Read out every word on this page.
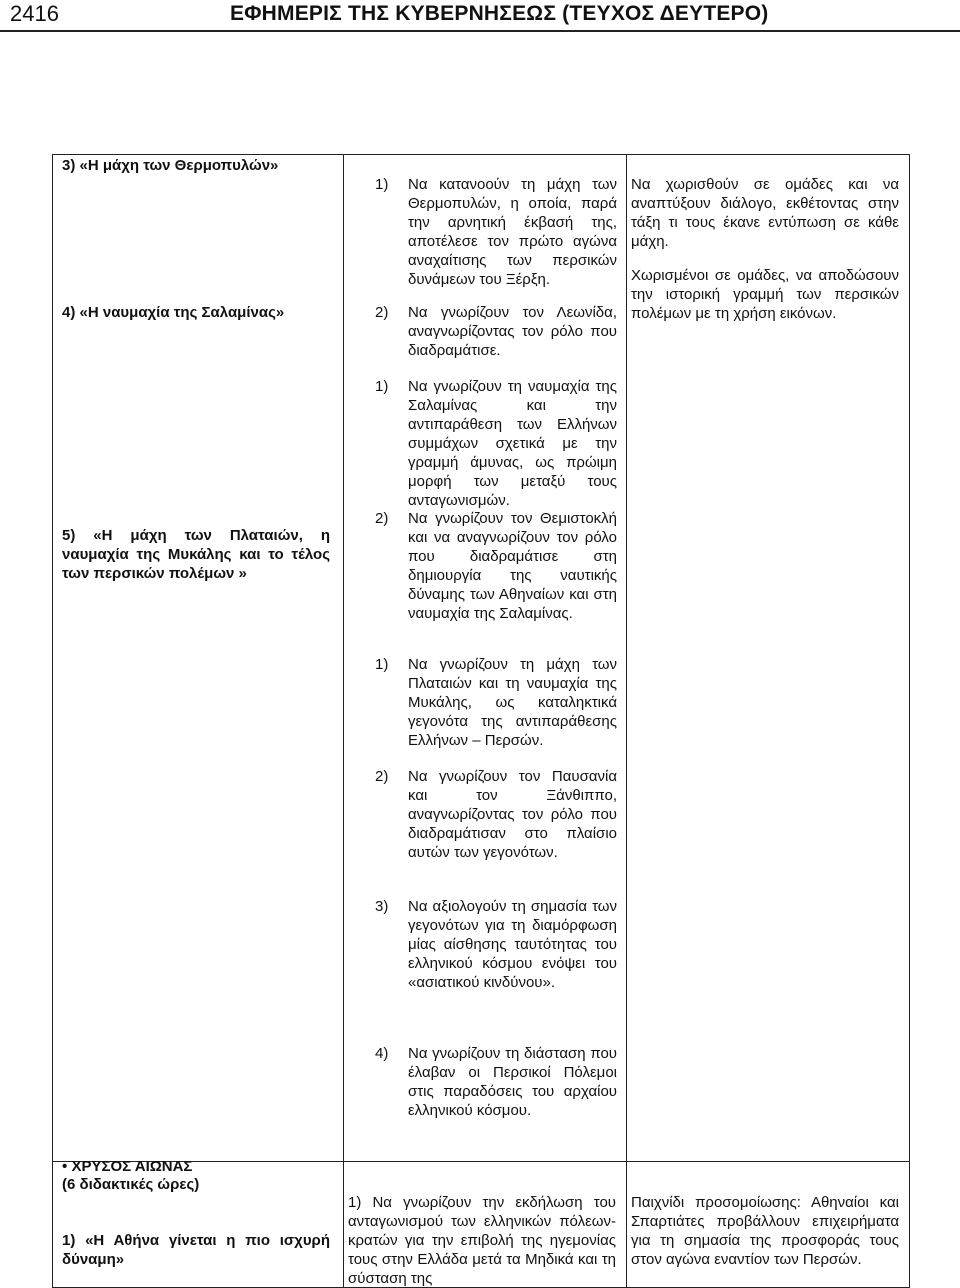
2416	ΕΦΗΜΕΡΙΣ ΤΗΣ ΚΥΒΕΡΝΗΣΕΩΣ (ΤΕΥΧΟΣ ΔΕΥΤΕΡΟ)
3) «Η μάχη των Θερμοπυλών»
4) «Η ναυμαχία της Σαλαμίνας»
5) «Η μάχη των Πλαταιών, η ναυμαχία της Μυκάλης και το τέλος των περσικών πολέμων »
• ΧΡΥΣΟΣ ΑΙΩΝΑΣ
(6 διδακτικές ώρες)
1) «Η Αθήνα γίνεται η πιο ισχυρή δύναμη»
1) Να κατανοούν τη μάχη των Θερμοπυλών, η οποία, παρά την αρνητική έκβασή της, αποτέλεσε τον πρώτο αγώνα αναχαίτισης των περσικών δυνάμεων του Ξέρξη.
2) Να γνωρίζουν τον Λεωνίδα, αναγνωρίζοντας τον ρόλο που διαδραμάτισε.
1) Να γνωρίζουν τη ναυμαχία της Σαλαμίνας και την αντιπαράθεση των Ελλήνων συμμάχων σχετικά με την γραμμή άμυνας, ως πρώιμη μορφή των μεταξύ τους ανταγωνισμών.
2) Να γνωρίζουν τον Θεμιστοκλή και να αναγνωρίζουν τον ρόλο που διαδραμάτισε στη δημιουργία της ναυτικής δύναμης των Αθηναίων και στη ναυμαχία της Σαλαμίνας.
1) Να γνωρίζουν τη μάχη των Πλαταιών και τη ναυμαχία της Μυκάλης, ως καταληκτικά γεγονότα της αντιπαράθεσης Ελλήνων – Περσών.
2) Να γνωρίζουν τον Παυσανία και τον Ξάνθιππο, αναγνωρίζοντας τον ρόλο που διαδραμάτισαν στο πλαίσιο αυτών των γεγονότων.
3) Να αξιολογούν τη σημασία των γεγονότων για τη διαμόρφωση μίας αίσθησης ταυτότητας του ελληνικού κόσμου ενόψει του «ασιατικού κινδύνου».
4) Να γνωρίζουν τη διάσταση που έλαβαν οι Περσικοί Πόλεμοι στις παραδόσεις του αρχαίου ελληνικού κόσμου.
1) Να γνωρίζουν την εκδήλωση του ανταγωνισμού των ελληνικών πόλεων-κρατών για την επιβολή της ηγεμονίας τους στην Ελλάδα μετά τα Μηδικά και τη σύσταση της
Να χωρισθούν σε ομάδες και να αναπτύξουν διάλογο, εκθέτοντας στην τάξη τι τους έκανε εντύπωση σε κάθε μάχη.
Χωρισμένοι σε ομάδες, να αποδώσουν την ιστορική γραμμή των περσικών πολέμων με τη χρήση εικόνων.
Παιχνίδι προσομοίωσης: Αθηναίοι και Σπαρτιάτες προβάλλουν επιχειρήματα για τη σημασία της προσφοράς τους στον αγώνα εναντίον των Περσών.
